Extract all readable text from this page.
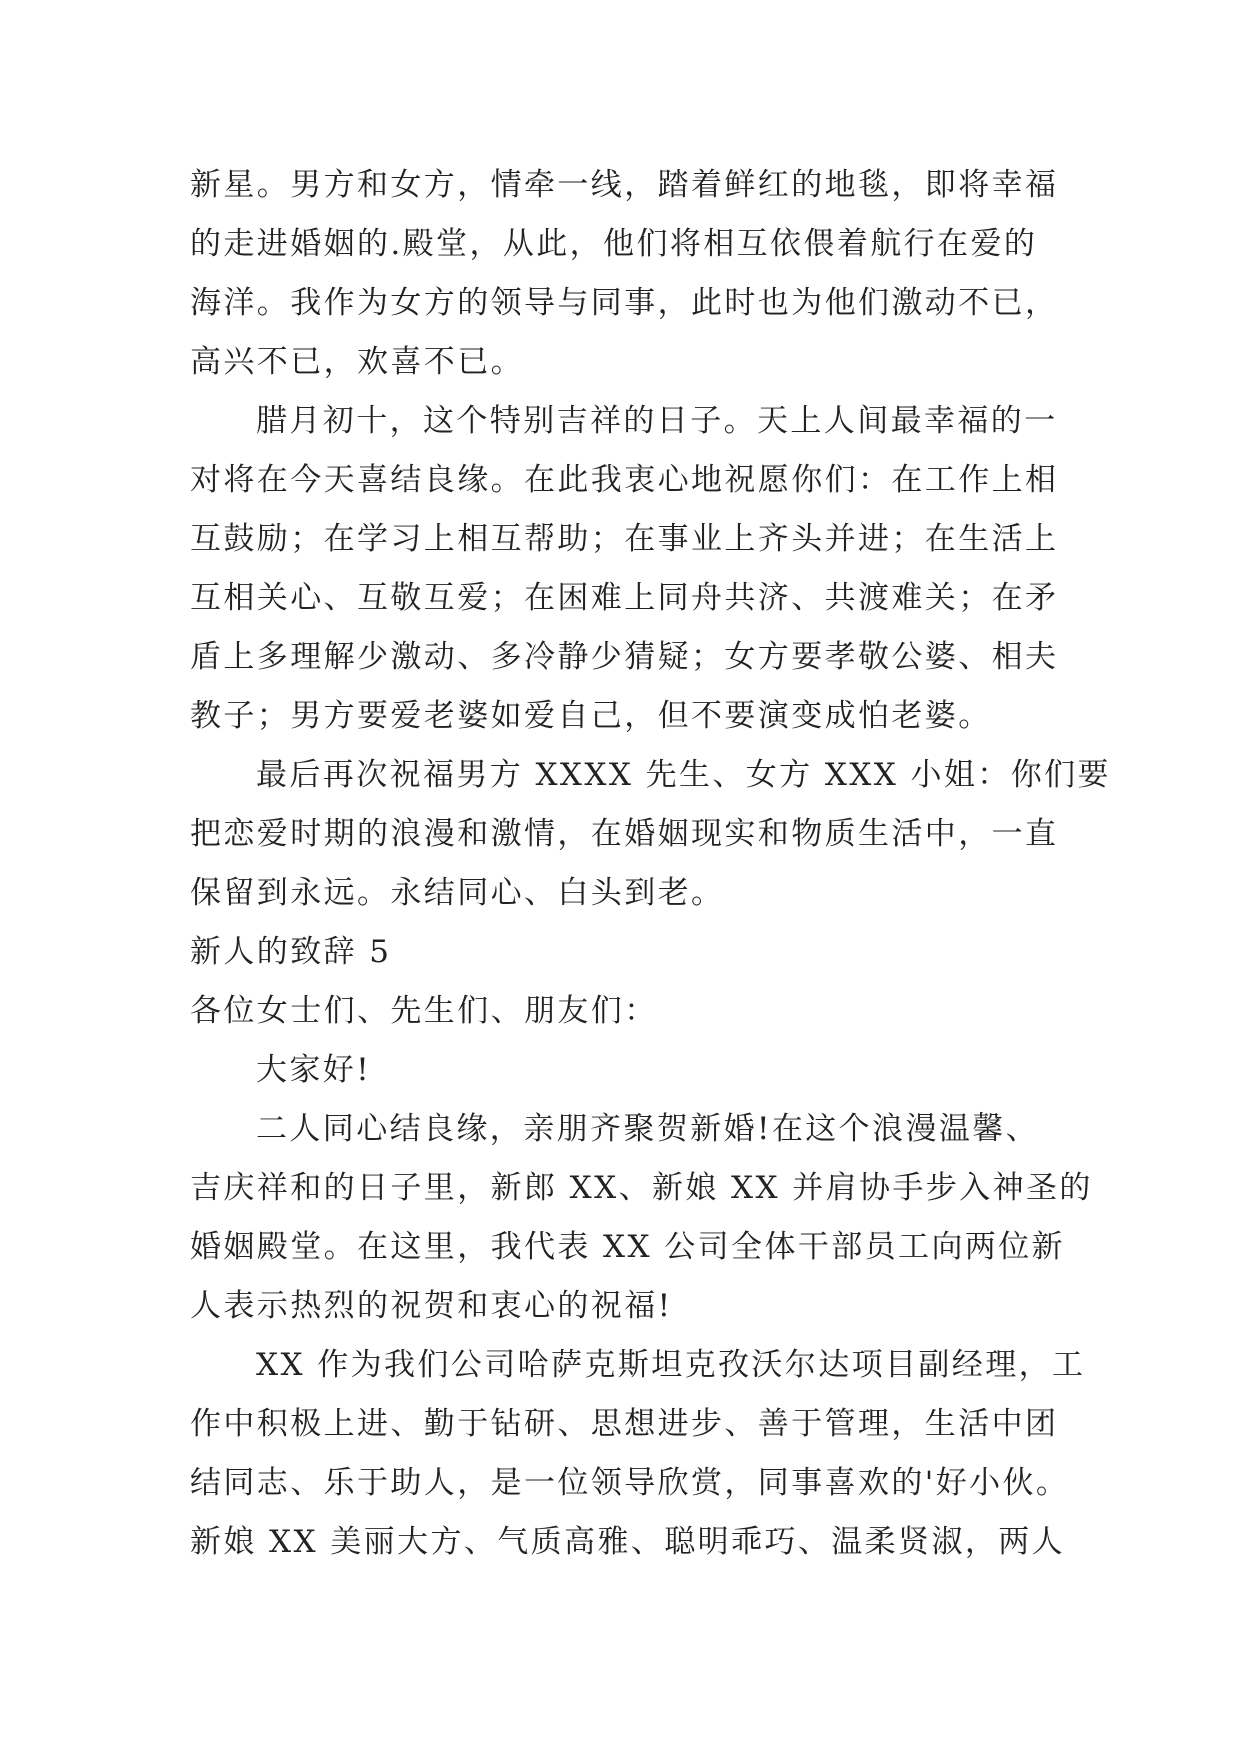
新星。男方和女方，情牵一线，踏着鲜红的地毯，即将幸福
的走进婚姻的.殿堂，从此，他们将相互依偎着航行在爱的
海洋。我作为女方的领导与同事，此时也为他们激动不已，
高兴不已，欢喜不已。
腊月初十，这个特别吉祥的日子。天上人间最幸福的一
对将在今天喜结良缘。在此我衷心地祝愿你们：在工作上相
互鼓励；在学习上相互帮助；在事业上齐头并进；在生活上
互相关心、互敬互爱；在困难上同舟共济、共渡难关；在矛
盾上多理解少激动、多冷静少猜疑；女方要孝敬公婆、相夫
教子；男方要爱老婆如爱自己，但不要演变成怕老婆。
最后再次祝福男方 XXXX 先生、女方 XXX 小姐：你们要
把恋爱时期的浪漫和激情，在婚姻现实和物质生活中，一直
保留到永远。永结同心、白头到老。
新人的致辞 5
各位女士们、先生们、朋友们：
大家好!
二人同心结良缘，亲朋齐聚贺新婚!在这个浪漫温馨、
吉庆祥和的日子里，新郎 XX、新娘 XX 并肩协手步入神圣的
婚姻殿堂。在这里，我代表 XX 公司全体干部员工向两位新
人表示热烈的祝贺和衷心的祝福!
XX 作为我们公司哈萨克斯坦克孜沃尔达项目副经理，工
作中积极上进、勤于钻研、思想进步、善于管理，生活中团
结同志、乐于助人，是一位领导欣赏，同事喜欢的'好小伙。
新娘 XX 美丽大方、气质高雅、聪明乖巧、温柔贤淑，两人
